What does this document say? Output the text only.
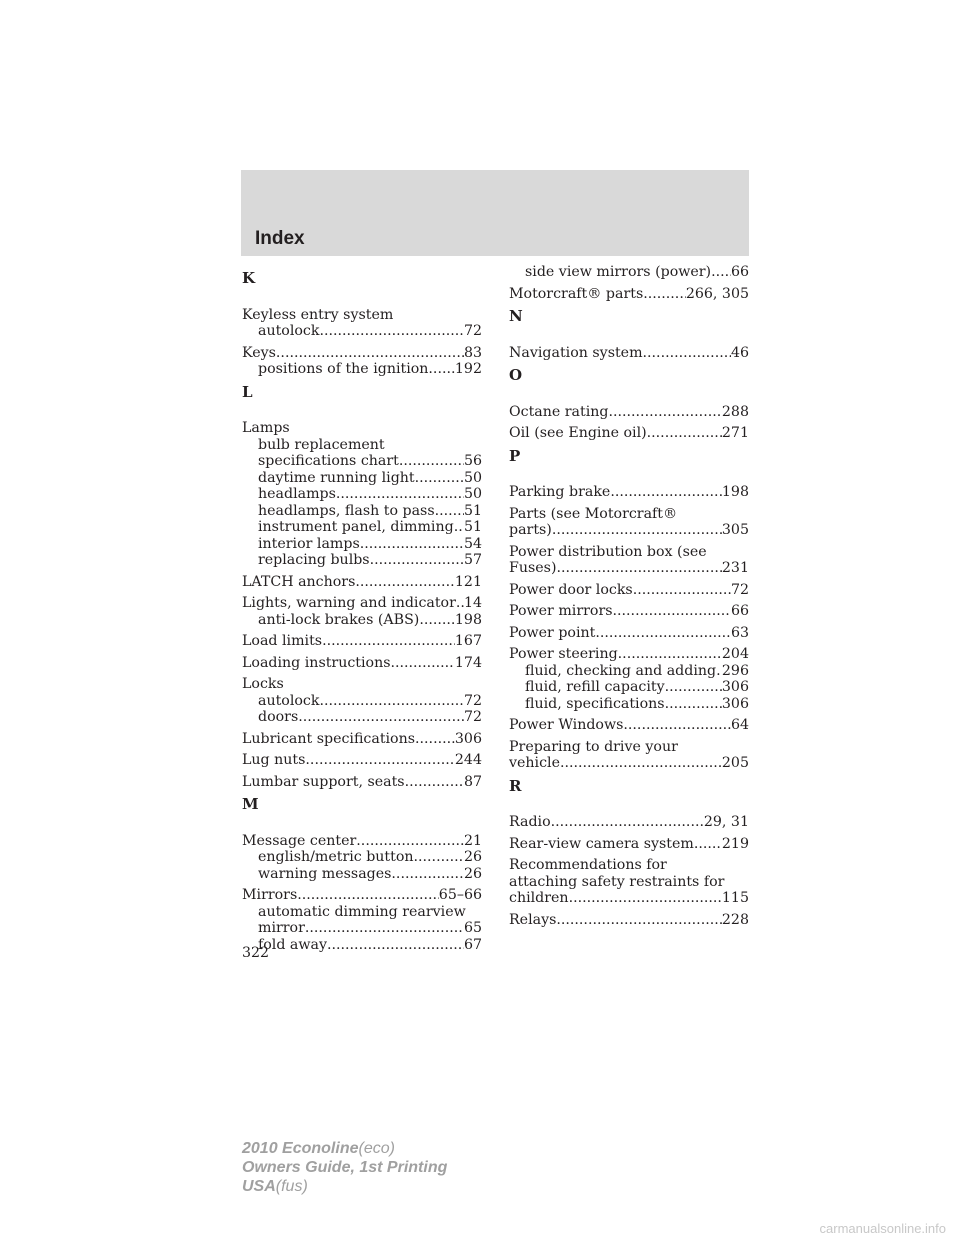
Index
K
Keyless entry system
autolock .....	72
Keys .....	83
positions of the ignition ..... 192
L
Lamps
bulb replacement
specifications chart .....	56
daytime running light .....	50
headlamps .....	50
headlamps, flash to pass ..... 51
instrument panel, dimming ..... 51
interior lamps .....	54
replacing bulbs .....	57
LATCH anchors .....	121
Lights, warning and indicator ..... 14
anti-lock brakes (ABS) .....	198
Load limits .....	167
Loading instructions .....	174
Locks
autolock .....	72
doors .....	72
Lubricant specifications .....	306
Lug nuts .....	244
Lumbar support, seats .....	87
M
Message center .....	21
english/metric button .....	26
warning messages .....	26
Mirrors .....	65–66
automatic dimming rearview
mirror .....	65
fold away .....	67
side view mirrors (power) ..... 66
Motorcraft® parts .....	266, 305
N
Navigation system .....	46
O
Octane rating .....	288
Oil (see Engine oil) .....	271
P
Parking brake .....	198
Parts (see Motorcraft®
parts) .....	305
Power distribution box (see
Fuses) .....	231
Power door locks .....	72
Power mirrors .....	66
Power point .....	63
Power steering .....	204
fluid, checking and adding ..... 296
fluid, refill capacity .....	306
fluid, specifications .....	306
Power Windows .....	64
Preparing to drive your
vehicle .....	205
R
Radio .....	29, 31
Rear-view camera system ..... 219
Recommendations for
attaching safety restraints for
children .....	115
Relays .....	228
322
2010 Econoline(eco)
Owners Guide, 1st Printing
USA(fus)
carmanualsonline.info
